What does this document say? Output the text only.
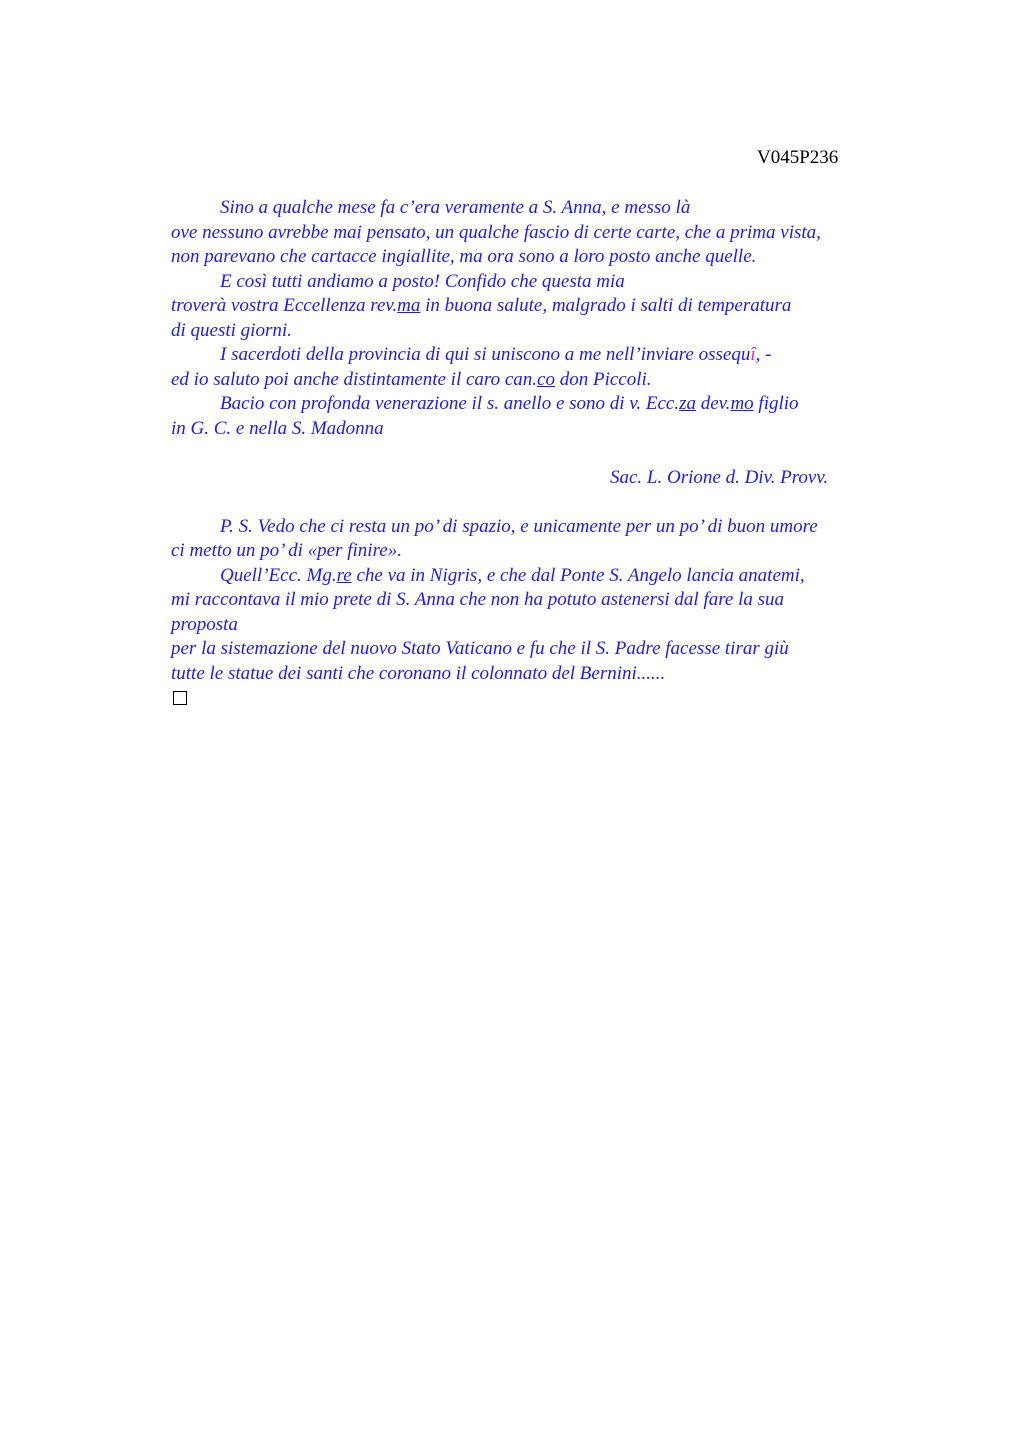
V045P236
Sino a qualche mese fa c’era veramente a S. Anna, e messo là
ove nessuno avrebbe mai pensato, un qualche fascio di certe carte, che a prima vista,
non parevano che cartacce ingiallite, ma ora sono a loro posto anche quelle.
E così tutti andiamo a posto! Confido che questa mia
troverà vostra Eccellenza rev.ma in buona salute, malgrado i salti di temperatura
di questi giorni.
I sacerdoti della provincia di qui si uniscono a me nell’inviare ossequî, -
ed io saluto poi anche distintamente il caro can.co don Piccoli.
Bacio con profonda venerazione il s. anello e sono di v. Ecc.za dev.mo figlio
in G. C. e nella S. Madonna
Sac. L. Orione d. Div. Provv.
P. S. Vedo che ci resta un po’ di spazio, e unicamente per un po’ di buon umore
ci metto un po’ di «per finire».
Quell’Ecc. Mg.re che va in Nigris, e che dal Ponte S. Angelo lancia anatemi,
mi raccontava il mio prete di S. Anna che non ha potuto astenersi dal fare la sua
proposta
per la sistemazione del nuovo Stato Vaticano e fu che il S. Padre facesse tirar giù
tutte le statue dei santi che coronano il colonnato del Bernini......
